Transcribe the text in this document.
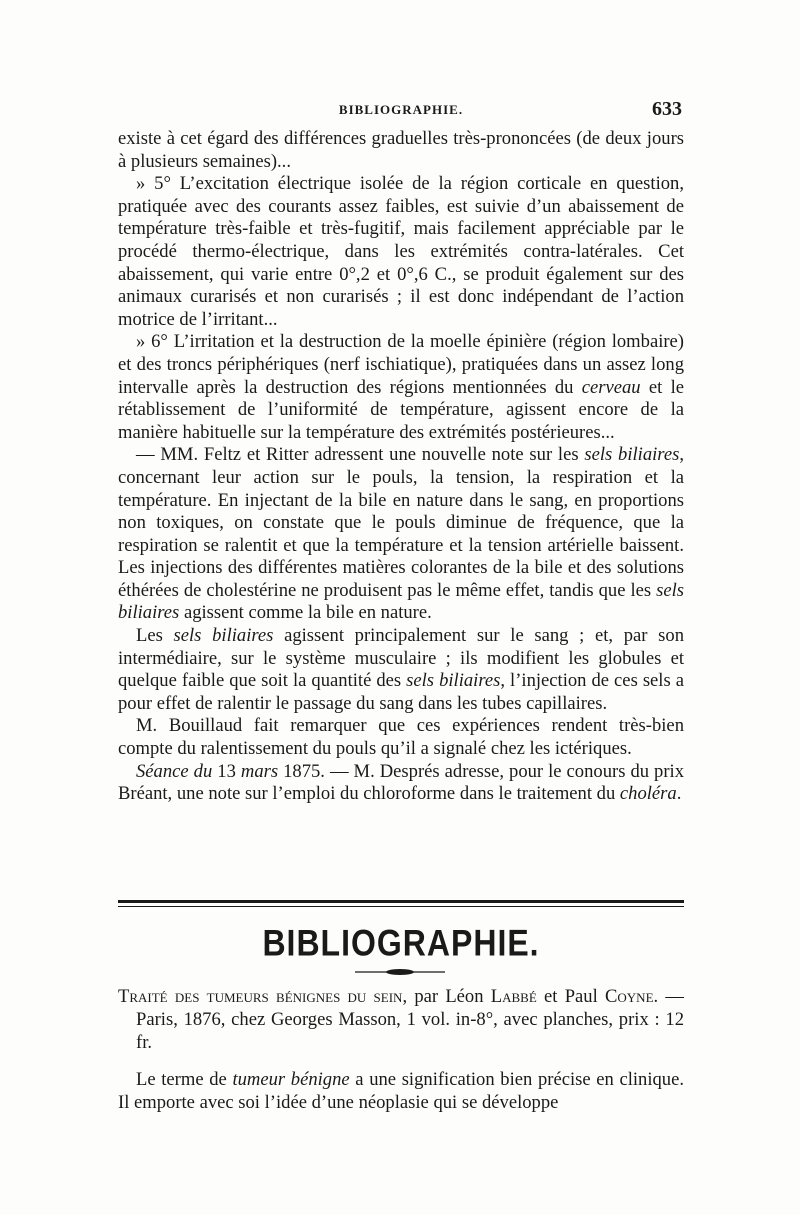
BIBLIOGRAPHIE.	633

existe à cet égard des différences graduelles très-prononcées (de deux jours à plusieurs semaines)...

» 5° L’excitation électrique isolée de la région corticale en question, pratiquée avec des courants assez faibles, est suivie d’un abaissement de température très-faible et très-fugitif, mais facilement appréciable par le procédé thermo-électrique, dans les extrémités contra-latérales. Cet abaissement, qui varie entre 0°,2 et 0°,6 C., se produit également sur des animaux curarisés et non curarisés ; il est donc indépendant de l’action motrice de l’irritant...

» 6° L’irritation et la destruction de la moelle épinière (région lombaire) et des troncs périphériques (nerf ischiatique), pratiquées dans un assez long intervalle après la destruction des régions mentionnées du cerveau et le rétablissement de l’uniformité de température, agissent encore de la manière habituelle sur la température des extrémités postérieures...

— MM. Feltz et Ritter adressent une nouvelle note sur les sels biliaires, concernant leur action sur le pouls, la tension, la respiration et la température. En injectant de la bile en nature dans le sang, en proportions non toxiques, on constate que le pouls diminue de fréquence, que la respiration se ralentit et que la température et la tension artérielle baissent. Les injections des différentes matières colorantes de la bile et des solutions éthérées de cholestérine ne produisent pas le même effet, tandis que les sels biliaires agissent comme la bile en nature.

Les sels biliaires agissent principalement sur le sang ; et, par son intermédiaire, sur le système musculaire ; ils modifient les globules et quelque faible que soit la quantité des sels biliaires, l’injection de ces sels a pour effet de ralentir le passage du sang dans les tubes capillaires.

M. Bouillaud fait remarquer que ces expériences rendent très-bien compte du ralentissement du pouls qu’il a signalé chez les ictériques.

Séance du 13 mars 1875. — M. Després adresse, pour le conours du prix Bréant, une note sur l’emploi du chloroforme dans le traitement du choléra.

BIBLIOGRAPHIE.

Traité des tumeurs bénignes du sein, par Léon Labbé et Paul Coyne. — Paris, 1876, chez Georges Masson, 1 vol. in-8°, avec planches, prix : 12 fr.

Le terme de tumeur bénigne a une signification bien précise en clinique. Il emporte avec soi l’idée d’une néoplasie qui se développe
